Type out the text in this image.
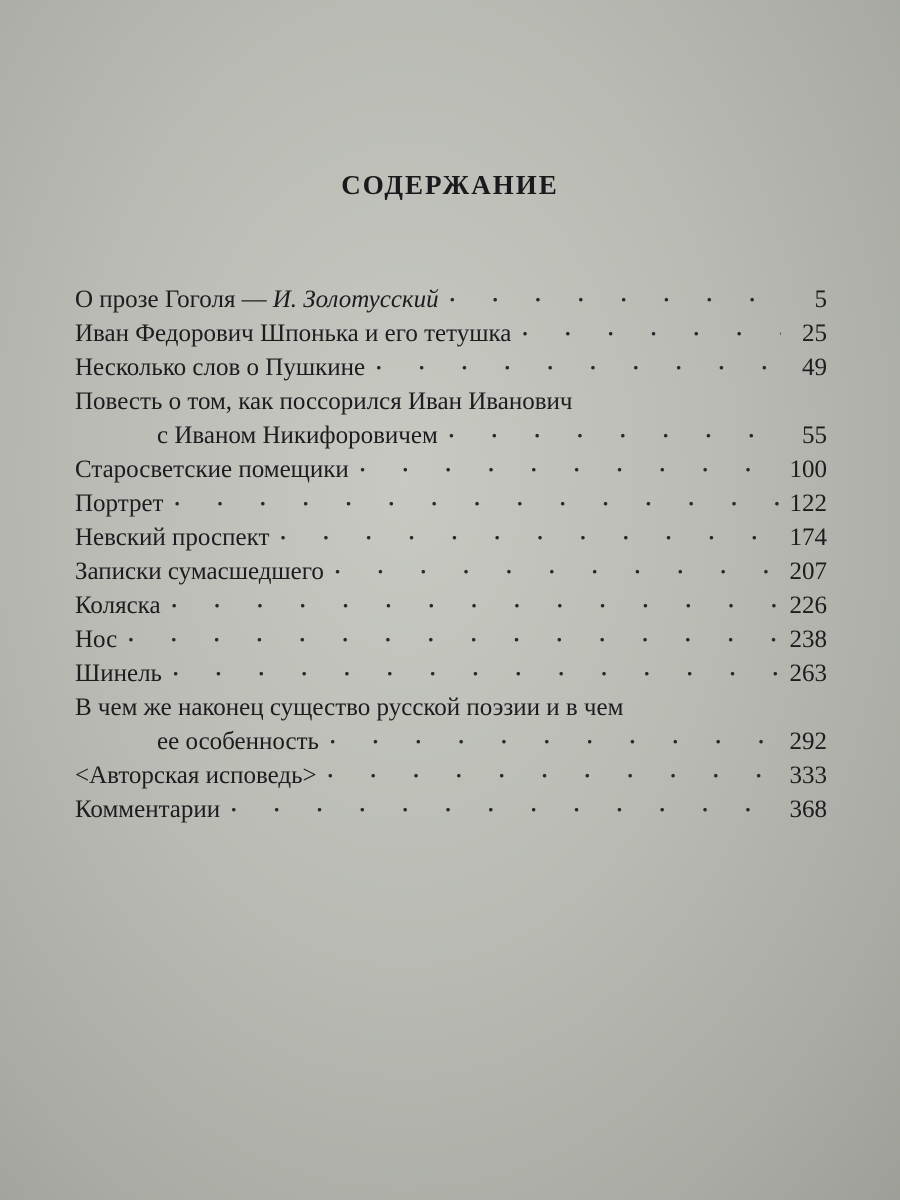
СОДЕРЖАНИЕ
О прозе Гоголя — И. Золотусский · · ·	5
Иван Федорович Шпонька и его тетушка · · ·	25
Несколько слов о Пушкине · · ·	49
Повесть о том, как поссорился Иван Иванович
с Иваном Никифоровичем · · ·	55
Старосветские помещики · · ·	100
Портрет · · ·	122
Невский проспект · · ·	174
Записки сумасшедшего · · ·	207
Коляска · · ·	226
Нос · · ·	238
Шинель · · ·	263
В чем же наконец существо русской поэзии и в чем
ее особенность · · ·	292
<Авторская исповедь> · · ·	333
Комментарии · · ·	368
